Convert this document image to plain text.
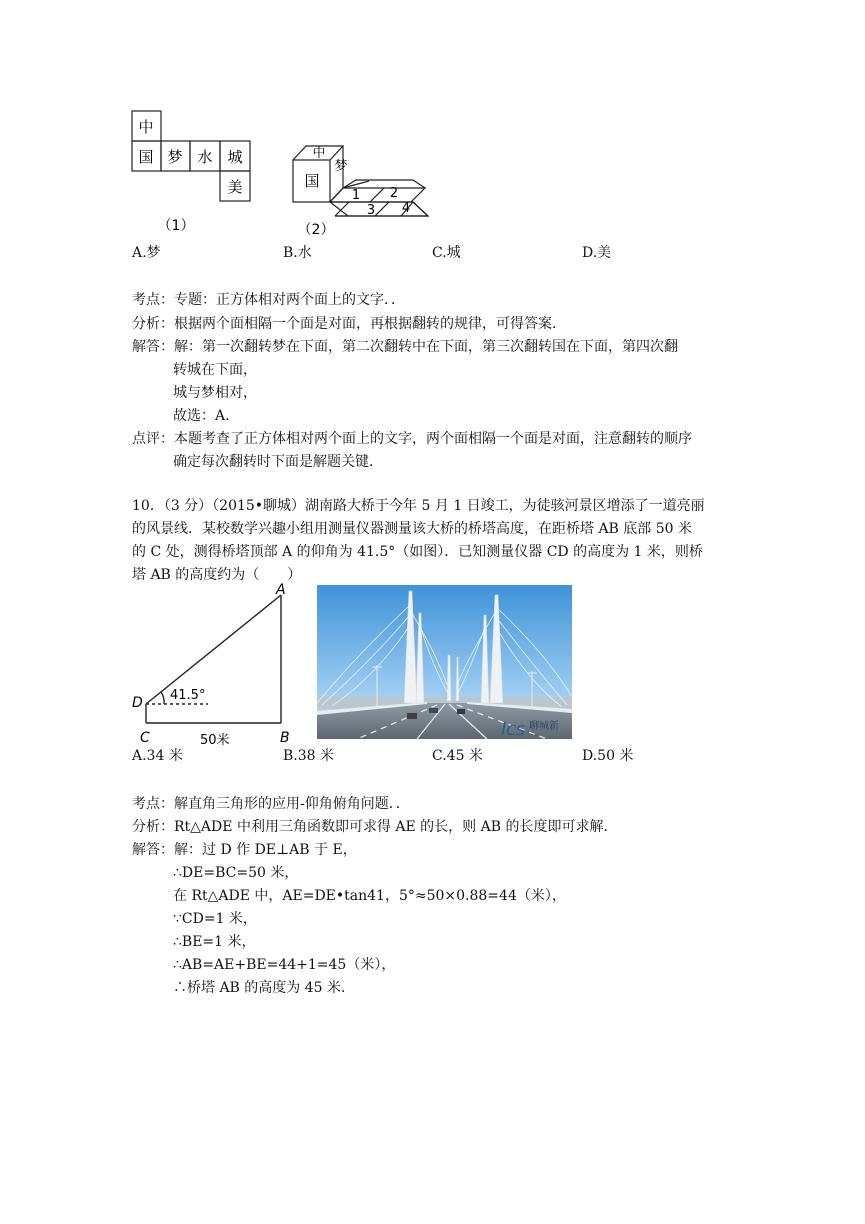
中
国 梦 水 城
美
（1）
中
国
梦
1 2
3 4
（2）
A.梦	B.水	C.城	D.美
考点：专题：正方体相对两个面上的文字．．
分析：根据两个面相隔一个面是对面，再根据翻转的规律，可得答案．
解答：解：第一次翻转梦在下面，第二次翻转中在下面，第三次翻转国在下面，第四次翻
转城在下面，
城与梦相对，
故选：A．
点评：本题考查了正方体相对两个面上的文字，两个面相隔一个面是对面，注意翻转的顺序
确定每次翻转时下面是解题关键．
10．（3 分）（2015•聊城）湖南路大桥于今年 5 月 1 日竣工，为徒骇河景区增添了一道亮丽
的风景线．某校数学兴趣小组用测量仪器测量该大桥的桥塔高度，在距桥塔 AB 底部 50 米
的 C 处，测得桥塔顶部 A 的仰角为 41.5°（如图）．已知测量仪器 CD 的高度为 1 米，则桥
塔 AB 的高度约为（　　）
A
B
C
D 41.5°
50米
lcs 聊城新
A.34 米	B.38 米	C.45 米	D.50 米
考点：解直角三角形的应用-仰角俯角问题．．
分析：Rt△ADE 中利用三角函数即可求得 AE 的长，则 AB 的长度即可求解．
解答：解：过 D 作 DE⊥AB 于 E，
∴DE=BC=50 米，
在 Rt△ADE 中，AE=DE•tan41，5°≈50×0.88=44（米），
∵CD=1 米，
∴BE=1 米，
∴AB=AE+BE=44+1=45（米），
∴桥塔 AB 的高度为 45 米．
